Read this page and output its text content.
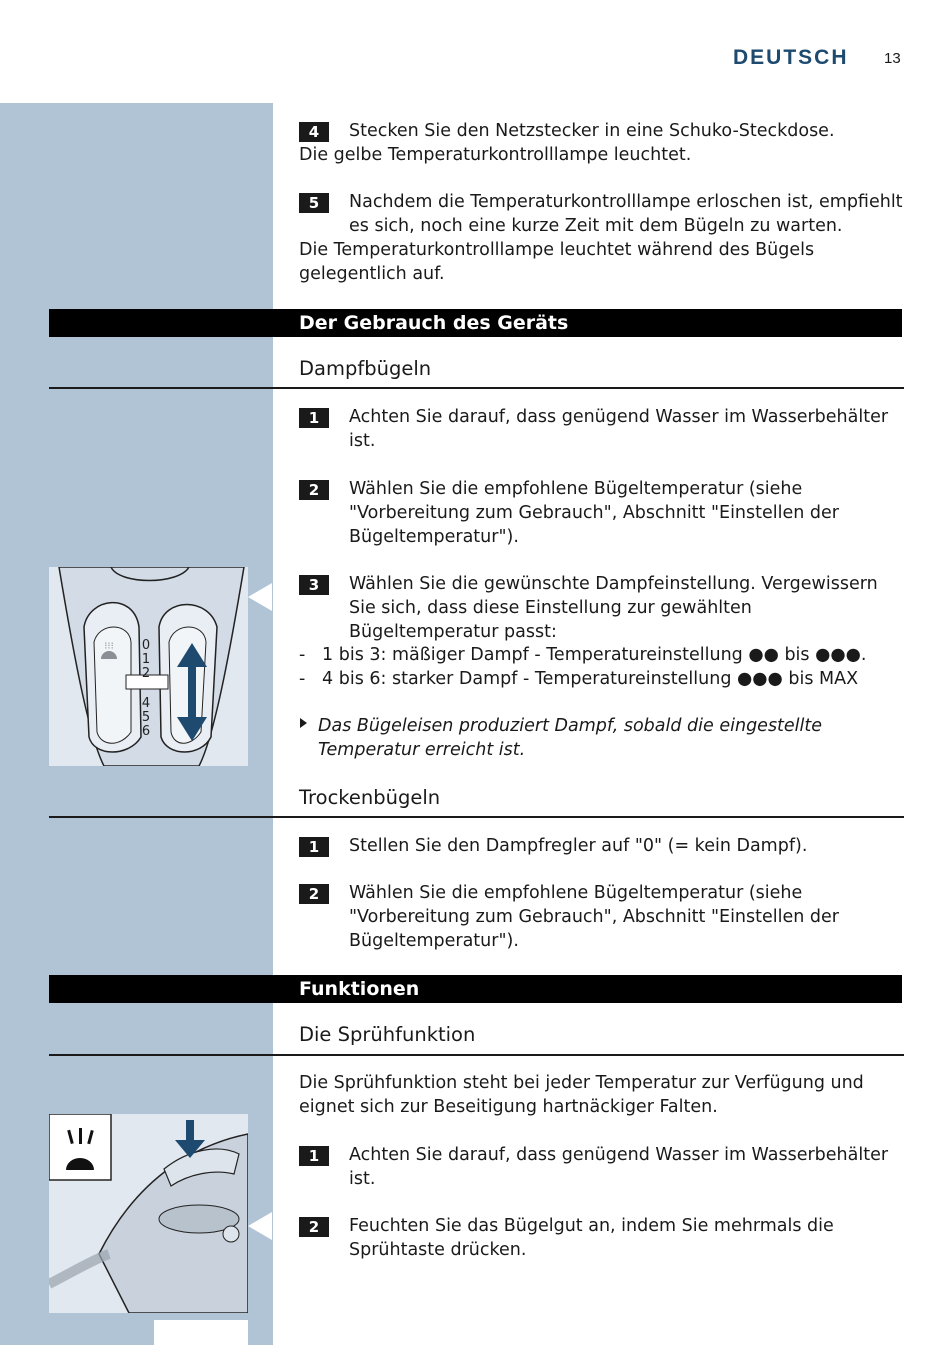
DEUTSCH 13
4	Stecken Sie den Netzstecker in eine Schuko-Steckdose.
Die gelbe Temperaturkontrolllampe leuchtet.
5	Nachdem die Temperaturkontrolllampe erloschen ist, empfiehlt es sich, noch eine kurze Zeit mit dem Bügeln zu warten.
Die Temperaturkontrolllampe leuchtet während des Bügels gelegentlich auf.
Der Gebrauch des Geräts
Dampfbügeln
1	Achten Sie darauf, dass genügend Wasser im Wasserbehälter ist.
2	Wählen Sie die empfohlene Bügeltemperatur (siehe "Vorbereitung zum Gebrauch", Abschnitt "Einstellen der Bügeltemperatur").
3	Wählen Sie die gewünschte Dampfeinstellung. Vergewissern Sie sich, dass diese Einstellung zur gewählten Bügeltemperatur passt:
- 1 bis 3: mäßiger Dampf - Temperatureinstellung ●● bis ●●●.
- 4 bis 6: starker Dampf - Temperatureinstellung ●●● bis MAX
Das Bügeleisen produziert Dampf, sobald die eingestellte Temperatur erreicht ist.
Trockenbügeln
1	Stellen Sie den Dampfregler auf "0" (= kein Dampf).
2	Wählen Sie die empfohlene Bügeltemperatur (siehe "Vorbereitung zum Gebrauch", Abschnitt "Einstellen der Bügeltemperatur").
Funktionen
Die Sprühfunktion
Die Sprühfunktion steht bei jeder Temperatur zur Verfügung und eignet sich zur Beseitigung hartnäckiger Falten.
1	Achten Sie darauf, dass genügend Wasser im Wasserbehälter ist.
2	Feuchten Sie das Bügelgut an, indem Sie mehrmals die Sprühtaste drücken.
⁝⁝⁝ 0
1
2
4
5
6
